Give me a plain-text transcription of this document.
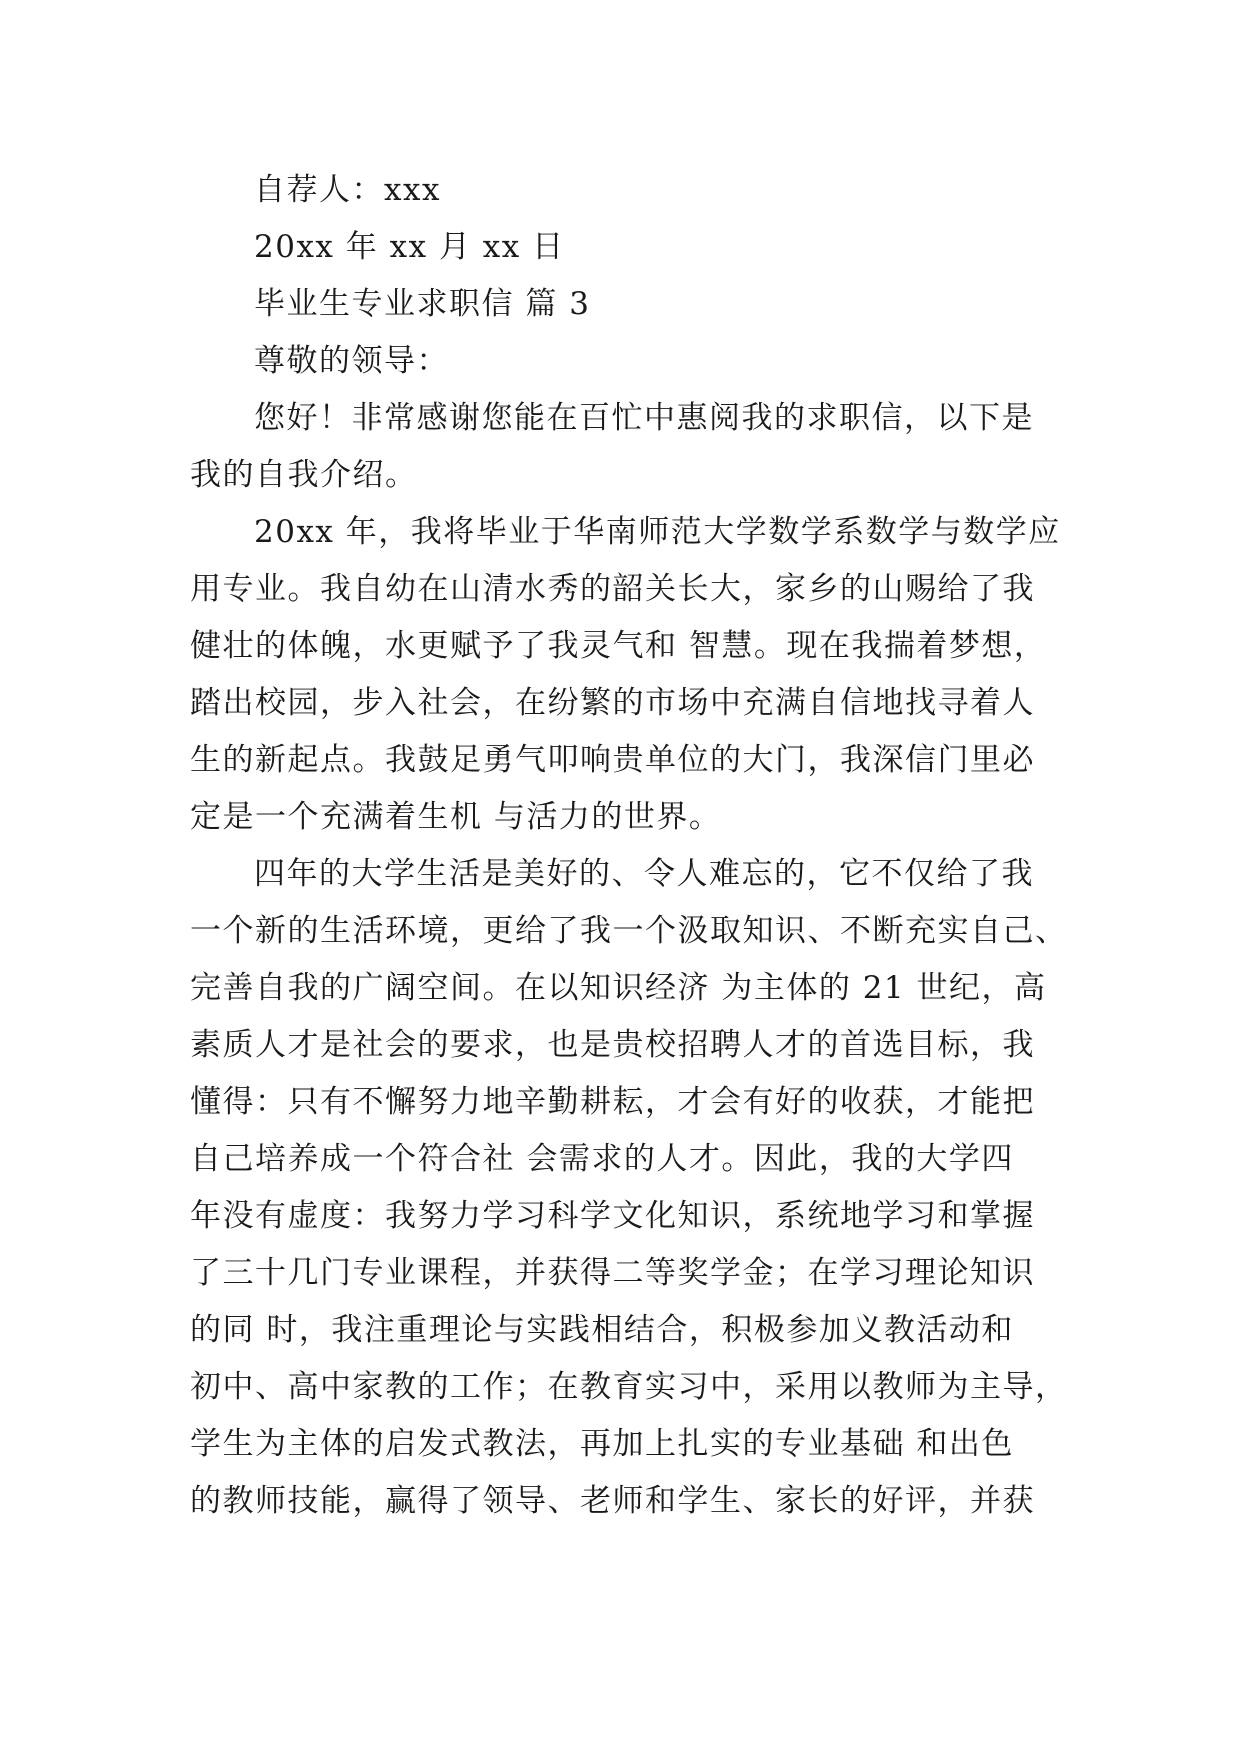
自荐人：xxx
20xx 年 xx 月 xx 日
毕业生专业求职信 篇 3
尊敬的领导：
您好！非常感谢您能在百忙中惠阅我的求职信，以下是
我的自我介绍。
20xx 年，我将毕业于华南师范大学数学系数学与数学应
用专业。我自幼在山清水秀的韶关长大，家乡的山赐给了我
健壮的体魄，水更赋予了我灵气和 智慧。现在我揣着梦想，
踏出校园，步入社会，在纷繁的市场中充满自信地找寻着人
生的新起点。我鼓足勇气叩响贵单位的大门，我深信门里必
定是一个充满着生机 与活力的世界。
四年的大学生活是美好的、令人难忘的，它不仅给了我
一个新的生活环境，更给了我一个汲取知识、不断充实自己、
完善自我的广阔空间。在以知识经济 为主体的 21 世纪，高
素质人才是社会的要求，也是贵校招聘人才的首选目标，我
懂得：只有不懈努力地辛勤耕耘，才会有好的收获，才能把
自己培养成一个符合社 会需求的人才。因此，我的大学四
年没有虚度：我努力学习科学文化知识，系统地学习和掌握
了三十几门专业课程，并获得二等奖学金；在学习理论知识
的同 时，我注重理论与实践相结合，积极参加义教活动和
初中、高中家教的工作；在教育实习中，采用以教师为主导，
学生为主体的启发式教法，再加上扎实的专业基础 和出色
的教师技能，赢得了领导、老师和学生、家长的好评，并获
